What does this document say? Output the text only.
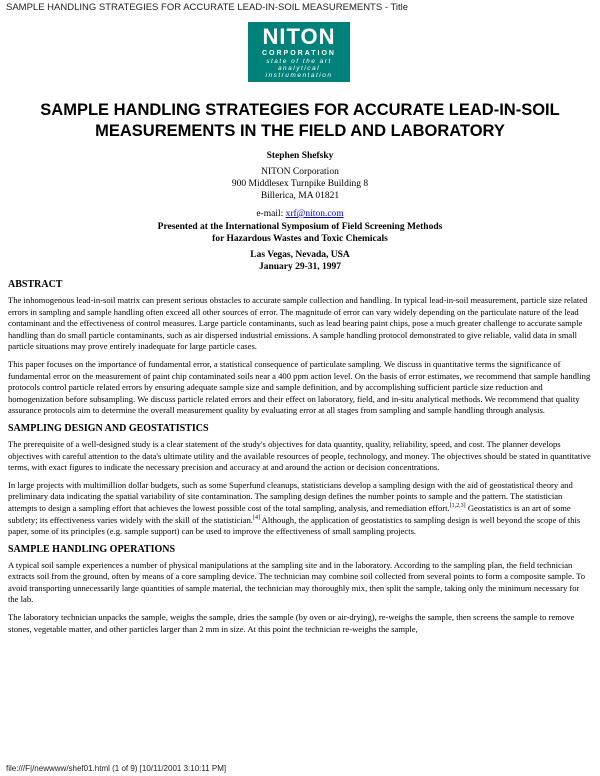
SAMPLE HANDLING STRATEGIES FOR ACCURATE LEAD-IN-SOIL MEASUREMENTS - Title
NITON
CORPORATION
state of the art
analytical
instrumentation
SAMPLE HANDLING STRATEGIES FOR ACCURATE LEAD-IN-SOIL MEASUREMENTS IN THE FIELD AND LABORATORY
Stephen Shefsky
NITON Corporation
900 Middlesex Turnpike Building 8
Billerica, MA 01821
e-mail: xrf@niton.com
Presented at the International Symposium of Field Screening Methods
for Hazardous Wastes and Toxic Chemicals
Las Vegas, Nevada, USA
January 29-31, 1997
ABSTRACT

The inhomogenous lead-in-soil matrix can present serious obstacles to accurate sample collection and handling. In typical lead-in-soil measurement, particle size related errors in sampling and sample handling often exceed all other sources of error. The magnitude of error can vary widely depending on the particulate nature of the lead contaminant and the effectiveness of control measures. Large particle contaminants, such as lead bearing paint chips, pose a much greater challenge to accurate sample handling than do small particle contaminants, such as air dispersed industrial emissions. A sample handling protocol demonstrated to give reliable, valid data in small particle situations may prove entirely inadequate for large particle cases.

This paper focuses on the importance of fundamental error, a statistical consequence of particulate sampling. We discuss in quantitative terms the significance of fundamental error on the measurement of paint chip contaminated soils near a 400 ppm action level. On the basis of error estimates, we recommend that sample handling protocols control particle related errors by ensuring adequate sample size and sample definition, and by accomplishing sufficient particle size reduction and homogenization before subsampling. We discuss particle related errors and their effect on laboratory, field, and in-situ analytical methods. We recommend that quality assurance protocols aim to determine the overall measurement quality by evaluating error at all stages from sampling and sample handling through analysis.

SAMPLING DESIGN AND GEOSTATISTICS

The prerequisite of a well-designed study is a clear statement of the study's objectives for data quantity, quality, reliability, speed, and cost. The planner develops objectives with careful attention to the data's ultimate utility and the available resources of people, technology, and money. The objectives should be stated in quantitative terms, with exact figures to indicate the necessary precision and accuracy at and around the action or decision concentrations.

In large projects with multimillion dollar budgets, such as some Superfund cleanups, statisticians develop a sampling design with the aid of geostatistical theory and preliminary data indicating the spatial variability of site contamination. The sampling design defines the number points to sample and the pattern. The statistician attempts to design a sampling effort that achieves the lowest possible cost of the total sampling, analysis, and remediation effort.[1,2,3] Geostatistics is an art of some subtlety; its effectiveness varies widely with the skill of the statistician.[4] Although, the application of geostatistics to sampling design is well beyond the scope of this paper, some of its principles (e.g. sample support) can be used to improve the effectiveness of small sampling projects.

SAMPLE HANDLING OPERATIONS

A typical soil sample experiences a number of physical manipulations at the sampling site and in the laboratory. According to the sampling plan, the field technician extracts soil from the ground, often by means of a core sampling device. The technician may combine soil collected from several points to form a composite sample. To avoid transporting unnecessarily large quantities of sample material, the technician may thoroughly mix, then split the sample, taking only the minimum necessary for the lab.

The laboratory technician unpacks the sample, weighs the sample, dries the sample (by oven or air-drying), re-weighs the sample, then screens the sample to remove stones, vegetable matter, and other particles larger than 2 mm in size. At this point the technician re-weighs the sample,

file:///F|/newwww/shef01.html (1 of 9) [10/11/2001 3:10:11 PM]
